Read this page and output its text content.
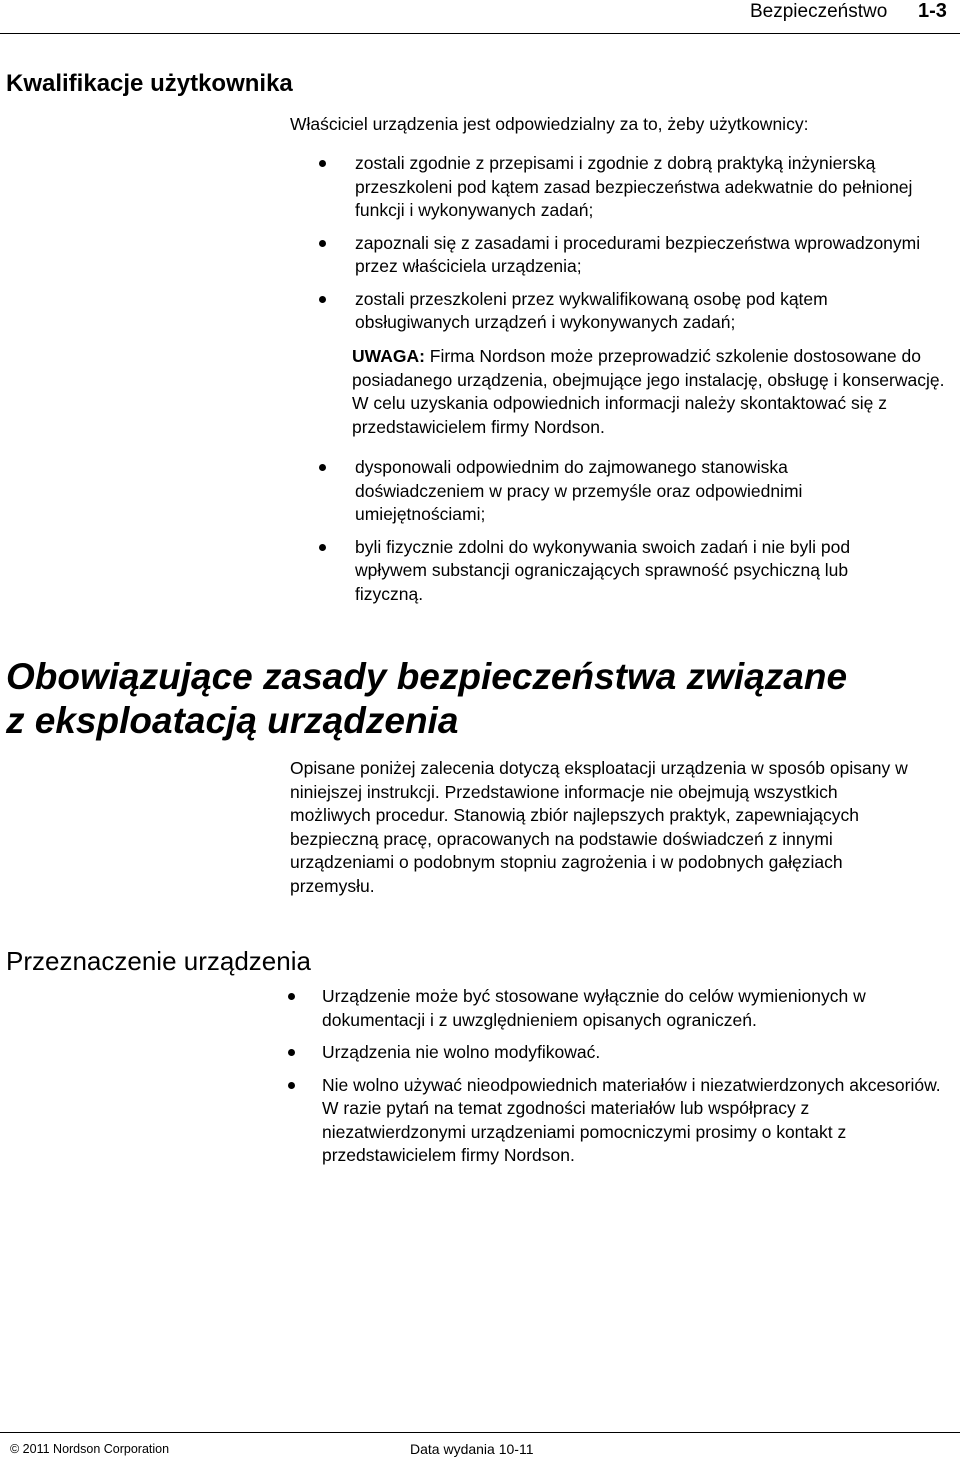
Bezpieczeństwo 1-3
Kwalifikacje użytkownika
Właściciel urządzenia jest odpowiedzialny za to, żeby użytkownicy:
zostali zgodnie z przepisami i zgodnie z dobrą praktyką inżynierską przeszkoleni pod kątem zasad bezpieczeństwa adekwatnie do pełnionej funkcji i wykonywanych zadań;
zapoznali się z zasadami i procedurami bezpieczeństwa wprowadzonymi przez właściciela urządzenia;
zostali przeszkoleni przez wykwalifikowaną osobę pod kątem obsługiwanych urządzeń i wykonywanych zadań;
UWAGA: Firma Nordson może przeprowadzić szkolenie dostosowane do posiadanego urządzenia, obejmujące jego instalację, obsługę i konserwację. W celu uzyskania odpowiednich informacji należy skontaktować się z przedstawicielem firmy Nordson.
dysponowali odpowiednim do zajmowanego stanowiska doświadczeniem w pracy w przemyśle oraz odpowiednimi umiejętnościami;
byli fizycznie zdolni do wykonywania swoich zadań i nie byli pod wpływem substancji ograniczających sprawność psychiczną lub fizyczną.
Obowiązujące zasady bezpieczeństwa związane
z eksploatacją urządzenia
Opisane poniżej zalecenia dotyczą eksploatacji urządzenia w sposób opisany w niniejszej instrukcji. Przedstawione informacje nie obejmują wszystkich możliwych procedur. Stanowią zbiór najlepszych praktyk, zapewniających bezpieczną pracę, opracowanych na podstawie doświadczeń z innymi urządzeniami o podobnym stopniu zagrożenia i w podobnych gałęziach przemysłu.
Przeznaczenie urządzenia
Urządzenie może być stosowane wyłącznie do celów wymienionych w dokumentacji i z uwzględnieniem opisanych ograniczeń.
Urządzenia nie wolno modyfikować.
Nie wolno używać nieodpowiednich materiałów i niezatwierdzonych akcesoriów. W razie pytań na temat zgodności materiałów lub współpracy z niezatwierdzonymi urządzeniami pomocniczymi prosimy o kontakt z przedstawicielem firmy Nordson.
© 2011 Nordson Corporation	Data wydania 10-11
